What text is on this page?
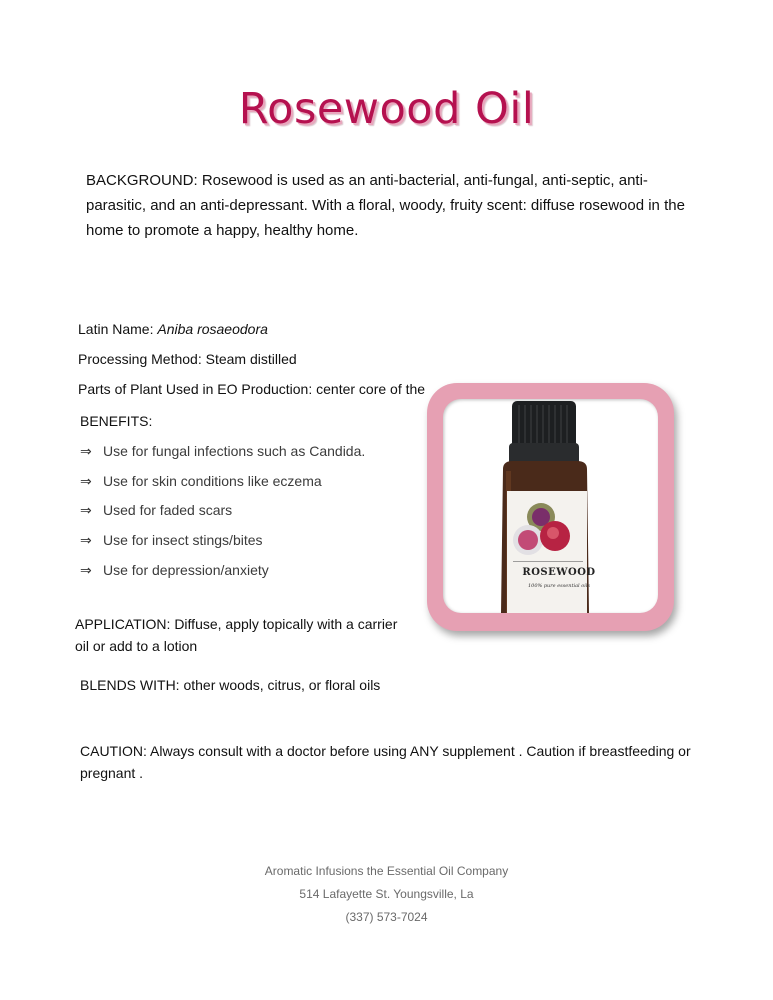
Rosewood Oil
BACKGROUND: Rosewood is used as an anti-bacterial, anti-fungal, anti-septic, anti-parasitic, and an anti-depressant. With a floral, woody, fruity scent: diffuse rosewood in the home to promote a happy, healthy home.
Latin Name: Aniba rosaeodora
Processing Method: Steam distilled
Parts of Plant Used in EO Production: center core of the
BENEFITS:
⇒ Use for fungal infections such as Candida.
⇒ Use for skin conditions like eczema
⇒ Used for faded scars
⇒ Use for insect stings/bites
⇒ Use for depression/anxiety
APPLICATION: Diffuse, apply topically with a carrier oil or add to a lotion
BLENDS WITH: other woods, citrus, or floral oils
CAUTION: Always consult with a doctor before using ANY supplement . Caution if breastfeeding or pregnant .
ROSEWOOD
100% pure essential oils
Aromatic Infusions the Essential Oil Company
514 Lafayette St. Youngsville, La
(337) 573-7024
